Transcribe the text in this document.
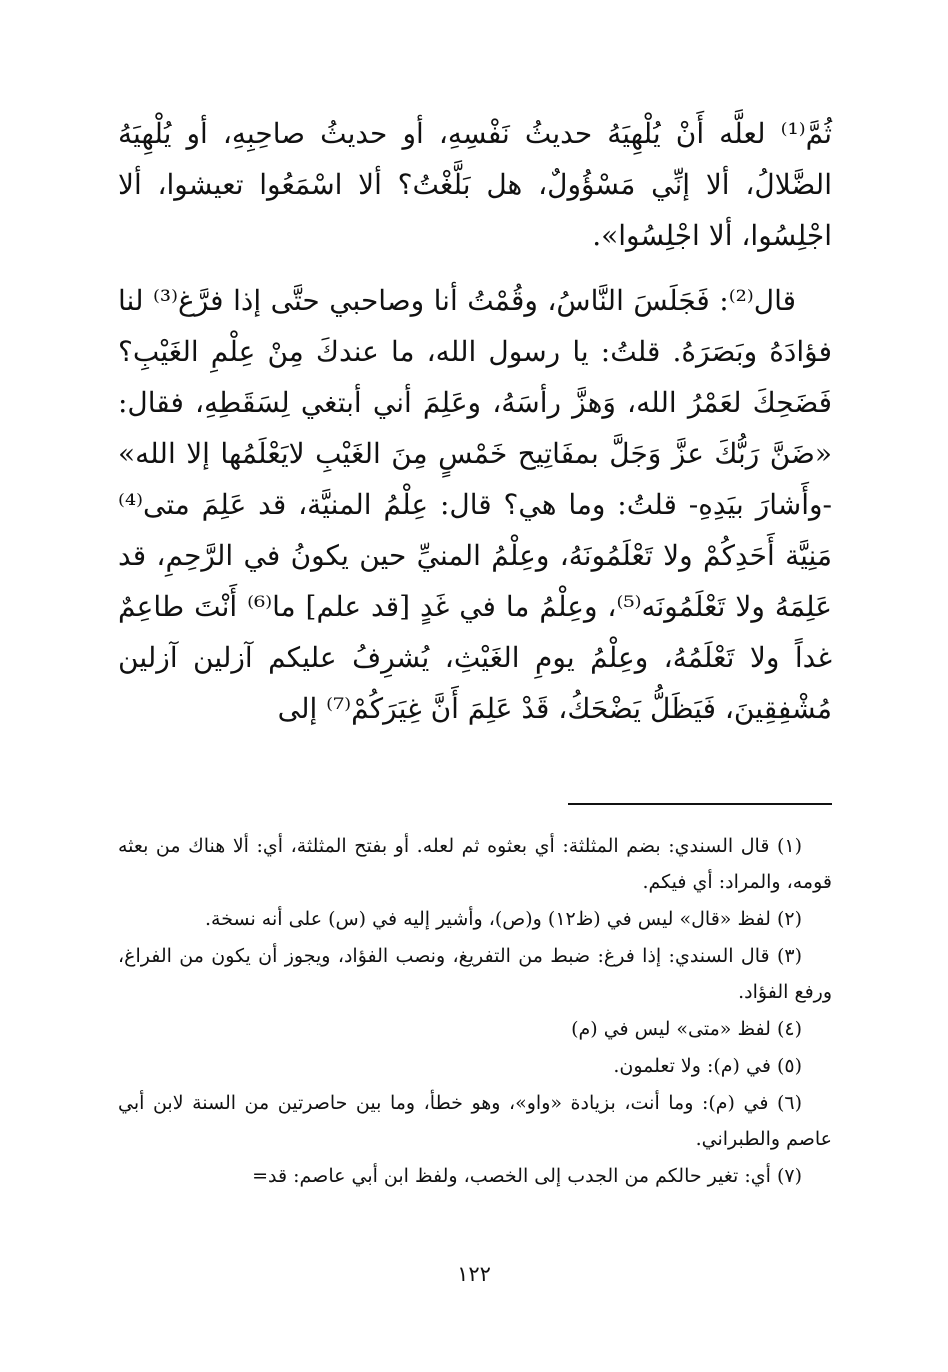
ثُمَّ⁽¹⁾ لعلَّه أَنْ يُلْهِيَهُ حديثُ نَفْسِهِ، أو حديثُ صاحِبِهِ، أو يُلْهِيَهُ الضَّلالُ، ألا إنِّي مَسْؤُولٌ، هل بَلَّغْتُ؟ ألا اسْمَعُوا تعيشوا، ألا اجْلِسُوا، ألا اجْلِسُوا».

قال⁽²⁾: فَجَلَسَ النَّاسُ، وقُمْتُ أنا وصاحبي حتَّى إذا فرَّغ⁽³⁾ لنا فؤادَهُ وبَصَرَهُ. قلتُ: يا رسول الله، ما عندكَ مِنْ عِلْمِ الغَيْبِ؟ فَضَحِكَ لعَمْرُ الله، وَهزَّ رأسَهُ، وعَلِمَ أني أبتغي لِسَقَطِهِ، فقال: «ضَنَّ رَبُّكَ عزَّ وَجَلَّ بمفَاتِيح خَمْسٍ مِنَ الغَيْبِ لايَعْلَمُها إلا الله» -وأَشارَ بيَدِهِ- قلتُ: وما هي؟ قال: عِلْمُ المنيَّة، قد عَلِمَ متى⁽⁴⁾ مَنِيَّة أَحَدِكُمْ ولا تَعْلَمُونَهُ، وعِلْمُ المنيِّ حين يكونُ في الرَّحِمِ، قد عَلِمَهُ ولا تَعْلَمُونَه⁽⁵⁾، وعِلْمُ ما في غَدٍ [قد علم] ما⁽⁶⁾ أَنْتَ طاعِمٌ غداً ولا تَعْلَمُهُ، وعِلْمُ يومِ الغَيْثِ، يُشرِفُ عليكم آزلين آزلين مُشْفِقِينَ، فَيَظَلُّ يَضْحَكُ، قَدْ عَلِمَ أَنَّ غِيَرَكُمْ⁽⁷⁾ إلى

(١) قال السندي: بضم المثلثة: أي بعثوه ثم لعله. أو بفتح المثلثة، أي: ألا هناك من بعثه قومه، والمراد: أي فيكم.

(٢) لفظ «قال» ليس في (ظ١٢) و(ص)، وأشير إليه في (س) على أنه نسخة.

(٣) قال السندي: إذا فرغ: ضبط من التفريغ، ونصب الفؤاد، ويجوز أن يكون من الفراغ، ورفع الفؤاد.

(٤) لفظ «متى» ليس في (م)

(٥) في (م): ولا تعلمون.

(٦) في (م): وما أنت، بزيادة «واو»، وهو خطأ، وما بين حاصرتين من السنة لابن أبي عاصم والطبراني.

(٧) أي: تغير حالكم من الجدب إلى الخصب، ولفظ ابن أبي عاصم: قد=

١٢٢
